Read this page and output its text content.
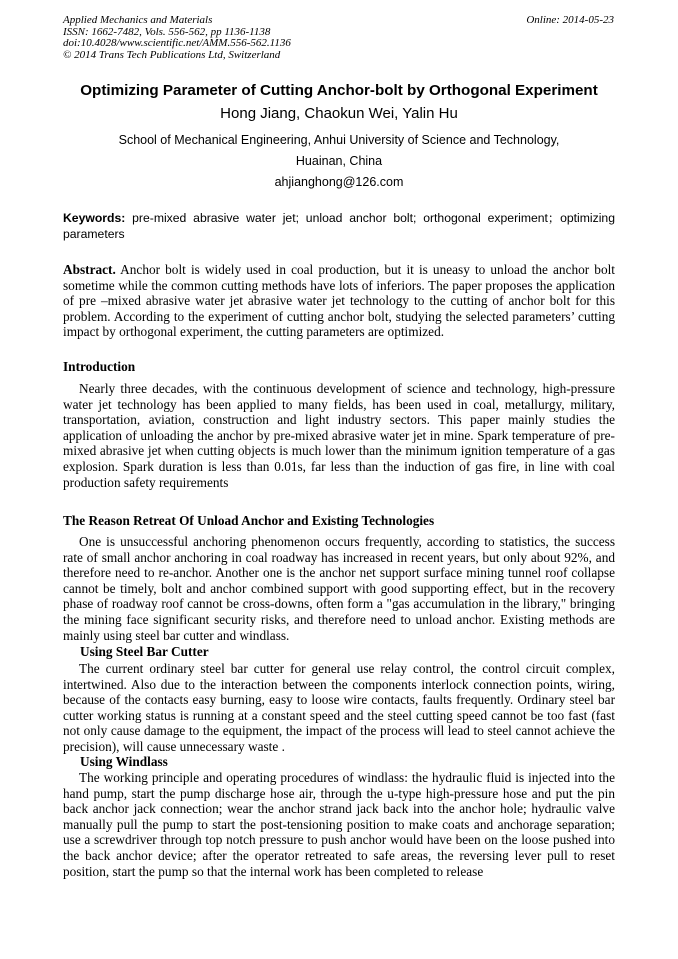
Applied Mechanics and Materials
ISSN: 1662-7482, Vols. 556-562, pp 1136-1138
doi:10.4028/www.scientific.net/AMM.556-562.1136
© 2014 Trans Tech Publications Ltd, Switzerland
Online: 2014-05-23
Optimizing Parameter of Cutting Anchor-bolt by Orthogonal Experiment
Hong Jiang, Chaokun Wei, Yalin Hu
School of Mechanical Engineering, Anhui University of Science and Technology,
Huainan, China
ahjianghong@126.com
Keywords: pre-mixed abrasive water jet; unload anchor bolt; orthogonal experiment；optimizing parameters
Abstract. Anchor bolt is widely used in coal production, but it is uneasy to unload the anchor bolt sometime while the common cutting methods have lots of inferiors. The paper proposes the application of pre –mixed abrasive water jet abrasive water jet technology to the cutting of anchor bolt for this problem. According to the experiment of cutting anchor bolt, studying the selected parameters’ cutting impact by orthogonal experiment, the cutting parameters are optimized.
Introduction
Nearly three decades, with the continuous development of science and technology, high-pressure water jet technology has been applied to many fields, has been used in coal, metallurgy, military, transportation, aviation, construction and light industry sectors. This paper mainly studies the application of unloading the anchor by pre-mixed abrasive water jet in mine. Spark temperature of pre-mixed abrasive jet when cutting objects is much lower than the minimum ignition temperature of a gas explosion. Spark duration is less than 0.01s, far less than the induction of gas fire, in line with coal production safety requirements
The Reason Retreat Of Unload Anchor and Existing Technologies
One is unsuccessful anchoring phenomenon occurs frequently, according to statistics, the success rate of small anchor anchoring in coal roadway has increased in recent years, but only about 92%, and therefore need to re-anchor. Another one is the anchor net support surface mining tunnel roof collapse cannot be timely, bolt and anchor combined support with good supporting effect, but in the recovery phase of roadway roof cannot be cross-downs, often form a "gas accumulation in the library," bringing the mining face significant security risks, and therefore need to unload anchor. Existing methods are mainly using steel bar cutter and windlass.
Using Steel Bar Cutter
The current ordinary steel bar cutter for general use relay control, the control circuit complex, intertwined. Also due to the interaction between the components interlock connection points, wiring, because of the contacts easy burning, easy to loose wire contacts, faults frequently. Ordinary steel bar cutter working status is running at a constant speed and the steel cutting speed cannot be too fast (fast not only cause damage to the equipment, the impact of the process will lead to steel cannot achieve the precision), will cause unnecessary waste .
Using Windlass
The working principle and operating procedures of windlass: the hydraulic fluid is injected into the hand pump, start the pump discharge hose air, through the u-type high-pressure hose and put the pin back anchor jack connection; wear the anchor strand jack back into the anchor hole; hydraulic valve manually pull the pump to start the post-tensioning position to make coats and anchorage separation; use a screwdriver through top notch pressure to push anchor would have been on the loose pushed into the back anchor device; after the operator retreated to safe areas, the reversing lever pull to reset position, start the pump so that the internal work has been completed to release
